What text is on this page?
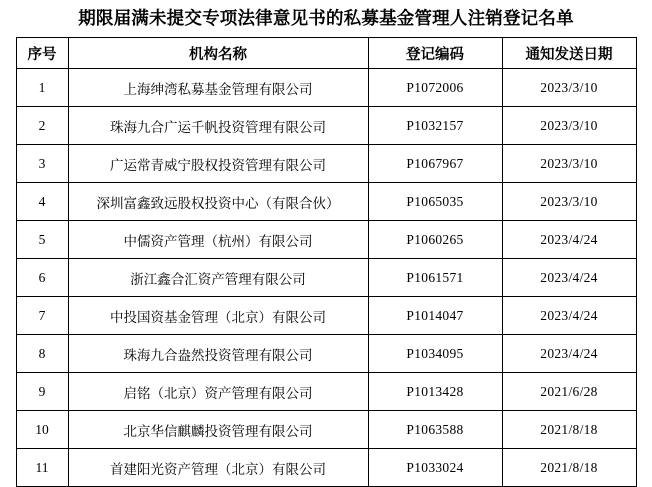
期限届满未提交专项法律意见书的私募基金管理人注销登记名单
序号	机构名称	登记编码	通知发送日期
1	上海绅湾私募基金管理有限公司	P1072006	2023/3/10
2	珠海九合广运千帆投资管理有限公司	P1032157	2023/3/10
3	广运常青威宁股权投资管理有限公司	P1067967	2023/3/10
4	深圳富鑫致远股权投资中心（有限合伙）	P1065035	2023/3/10
5	中儒资产管理（杭州）有限公司	P1060265	2023/4/24
6	浙江鑫合汇资产管理有限公司	P1061571	2023/4/24
7	中投国资基金管理（北京）有限公司	P1014047	2023/4/24
8	珠海九合盎然投资管理有限公司	P1034095	2023/4/24
9	启铭（北京）资产管理有限公司	P1013428	2021/6/28
10	北京华信麒麟投资管理有限公司	P1063588	2021/8/18
11	首建阳光资产管理（北京）有限公司	P1033024	2021/8/18
